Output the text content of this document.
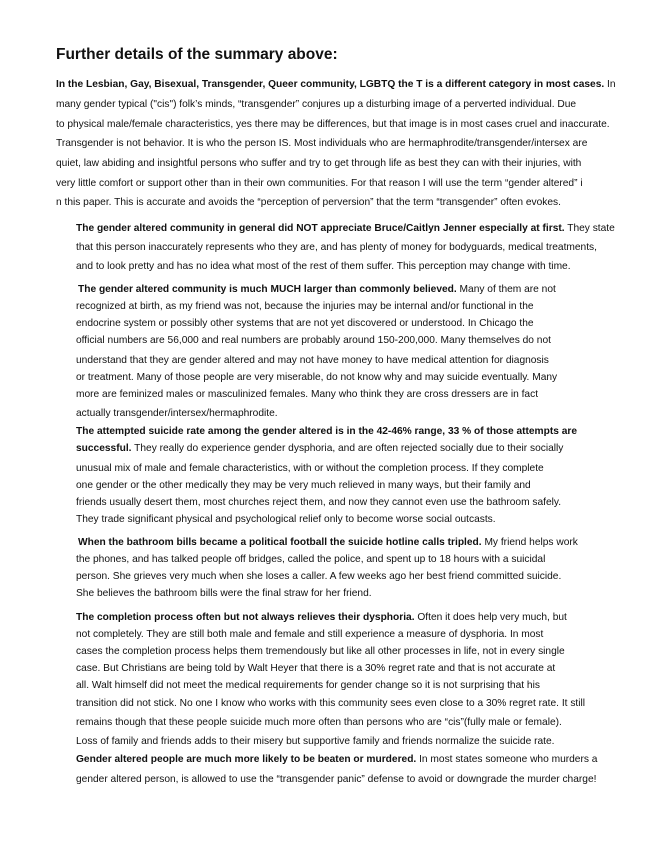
Further details of the summary above:
In the Lesbian, Gay, Bisexual, Transgender, Queer community, LGBTQ the T is a different category in most cases. In
many gender typical ("cis") folk’s minds, “transgender” conjures up a disturbing image of a perverted individual. Due
to physical male/female characteristics, yes there may be differences, but that image is in most cases cruel and inaccurate.
Transgender is not behavior. It is who the person IS. Most individuals who are hermaphrodite/transgender/intersex are
quiet, law abiding and insightful persons who suffer and try to get through life as best they can with their injuries, with
very little comfort or support other than in their own communities. For that reason I will use the term “gender altered” i
n this paper. This is accurate and avoids the “perception of perversion” that the term “transgender” often evokes.
The gender altered community in general did NOT appreciate Bruce/Caitlyn Jenner especially at first. They state
that this person inaccurately represents who they are, and has plenty of money for bodyguards, medical treatments,
and to look pretty and has no idea what most of the rest of them suffer. This perception may change with time.
The gender altered community is much MUCH larger than commonly believed. Many of them are not
recognized at birth, as my friend was not, because the injuries may be internal and/or functional in the
endocrine system or possibly other systems that are not yet discovered or understood. In Chicago the
official numbers are 56,000 and real numbers are probably around 150-200,000. Many themselves do not
understand that they are gender altered and may not have money to have medical attention for diagnosis
or treatment. Many of those people are very miserable, do not know why and may suicide eventually. Many
more are feminized males or masculinized females. Many who think they are cross dressers are in fact
actually transgender/intersex/hermaphrodite.
The attempted suicide rate among the gender altered is in the 42-46% range, 33 % of those attempts are
successful. They really do experience gender dysphoria, and are often rejected socially due to their socially
unusual mix of male and female characteristics, with or without the completion process. If they complete
one gender or the other medically they may be very much relieved in many ways, but their family and
friends usually desert them, most churches reject them, and now they cannot even use the bathroom safely.
They trade significant physical and psychological relief only to become worse social outcasts.
When the bathroom bills became a political football the suicide hotline calls tripled. My friend helps work
the phones, and has talked people off bridges, called the police, and spent up to 18 hours with a suicidal
person. She grieves very much when she loses a caller. A few weeks ago her best friend committed suicide.
She believes the bathroom bills were the final straw for her friend.
The completion process often but not always relieves their dysphoria. Often it does help very much, but
not completely. They are still both male and female and still experience a measure of dysphoria. In most
cases the completion process helps them tremendously but like all other processes in life, not in every single
case. But Christians are being told by Walt Heyer that there is a 30% regret rate and that is not accurate at
all. Walt himself did not meet the medical requirements for gender change so it is not surprising that his
transition did not stick. No one I know who works with this community sees even close to a 30% regret rate. It still
remains though that these people suicide much more often than persons who are “cis”(fully male or female).
Loss of family and friends adds to their misery but supportive family and friends normalize the suicide rate.
Gender altered people are much more likely to be beaten or murdered. In most states someone who murders a
gender altered person, is allowed to use the “transgender panic” defense to avoid or downgrade the murder charge!
